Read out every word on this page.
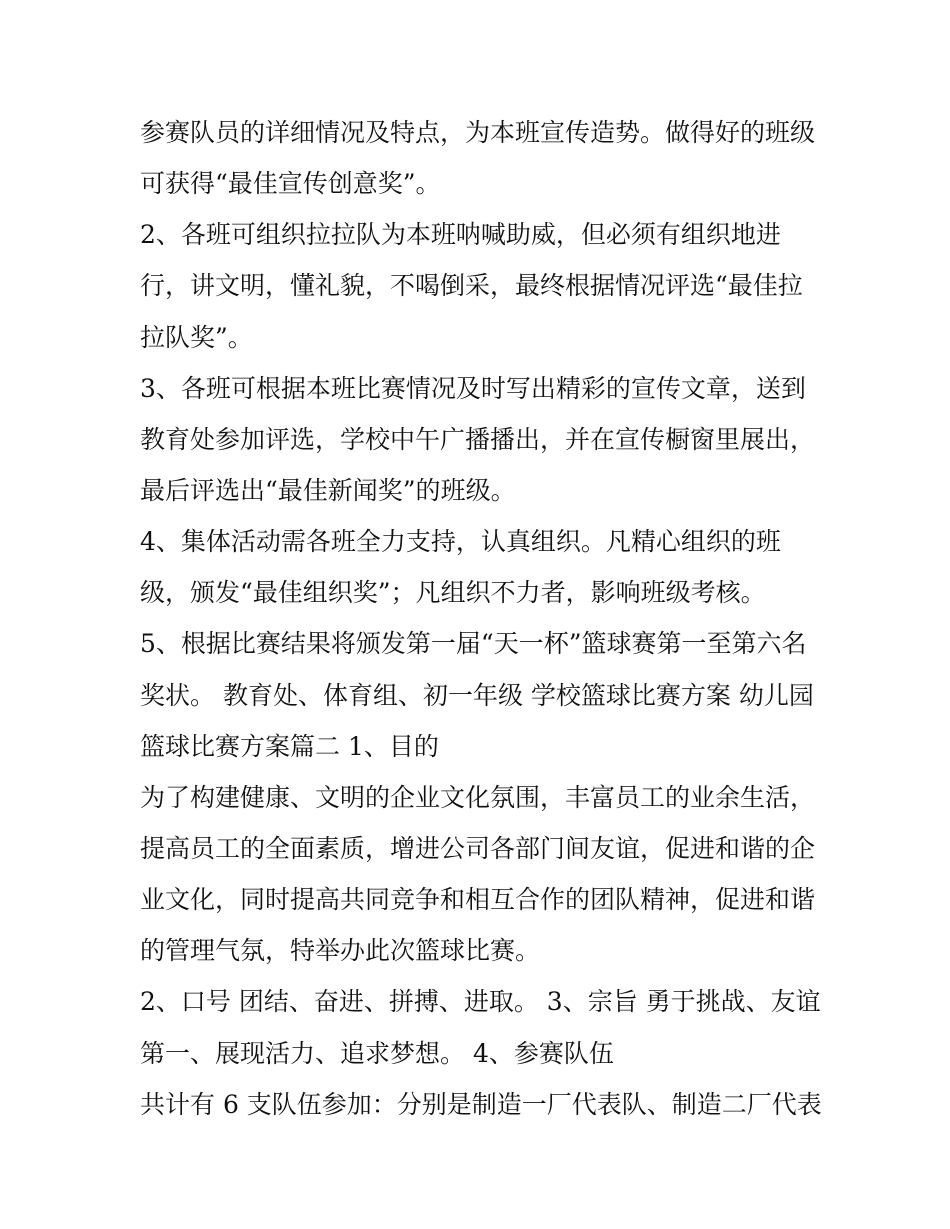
参赛队员的详细情况及特点，为本班宣传造势。做得好的班级
可获得“最佳宣传创意奖”。
2、各班可组织拉拉队为本班呐喊助威，但必须有组织地进
行，讲文明，懂礼貌，不喝倒采，最终根据情况评选“最佳拉
拉队奖”。
3、各班可根据本班比赛情况及时写出精彩的宣传文章，送到
教育处参加评选，学校中午广播播出，并在宣传橱窗里展出，
最后评选出“最佳新闻奖”的班级。
4、集体活动需各班全力支持，认真组织。凡精心组织的班
级，颁发“最佳组织奖”；凡组织不力者，影响班级考核。
5、根据比赛结果将颁发第一届“天一杯”篮球赛第一至第六名
奖状。 教育处、体育组、初一年级 学校篮球比赛方案 幼儿园
篮球比赛方案篇二 1、目的
为了构建健康、文明的企业文化氛围，丰富员工的业余生活，
提高员工的全面素质，增进公司各部门间友谊，促进和谐的企
业文化，同时提高共同竞争和相互合作的团队精神，促进和谐
的管理气氛，特举办此次篮球比赛。
2、口号 团结、奋进、拼搏、进取。 3、宗旨 勇于挑战、友谊
第一、展现活力、追求梦想。 4、参赛队伍
共计有 6 支队伍参加：分别是制造一厂代表队、制造二厂代表
